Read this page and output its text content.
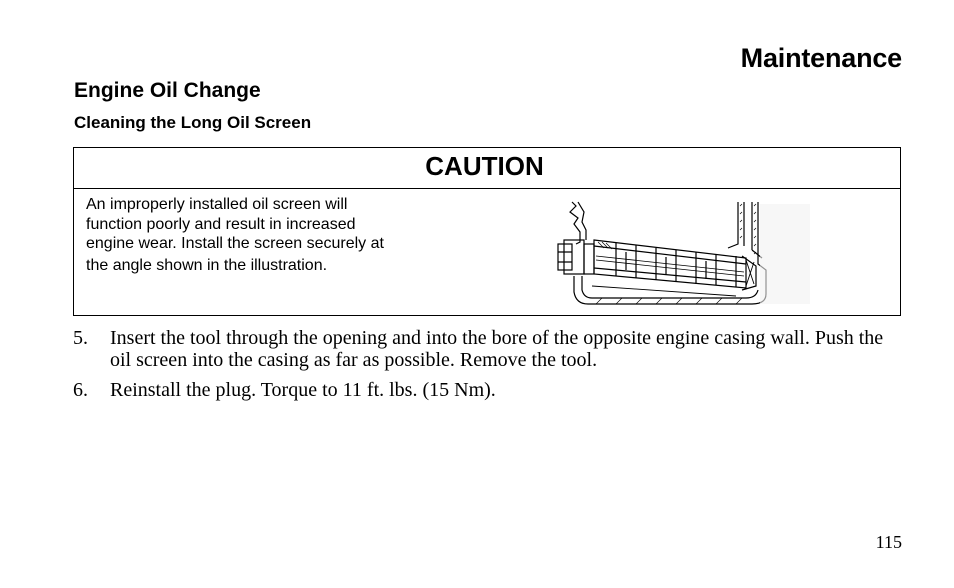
Maintenance
Engine Oil Change
Cleaning the Long Oil Screen
CAUTION
An improperly installed oil screen will
function poorly and result in increased
engine wear. Install the screen securely at
the angle shown in the illustration.
5. Insert the tool through the opening and into the bore of the opposite engine casing wall. Push the oil screen into the casing as far as possible. Remove the tool.
6. Reinstall the plug. Torque to 11 ft. lbs. (15 Nm).
115
